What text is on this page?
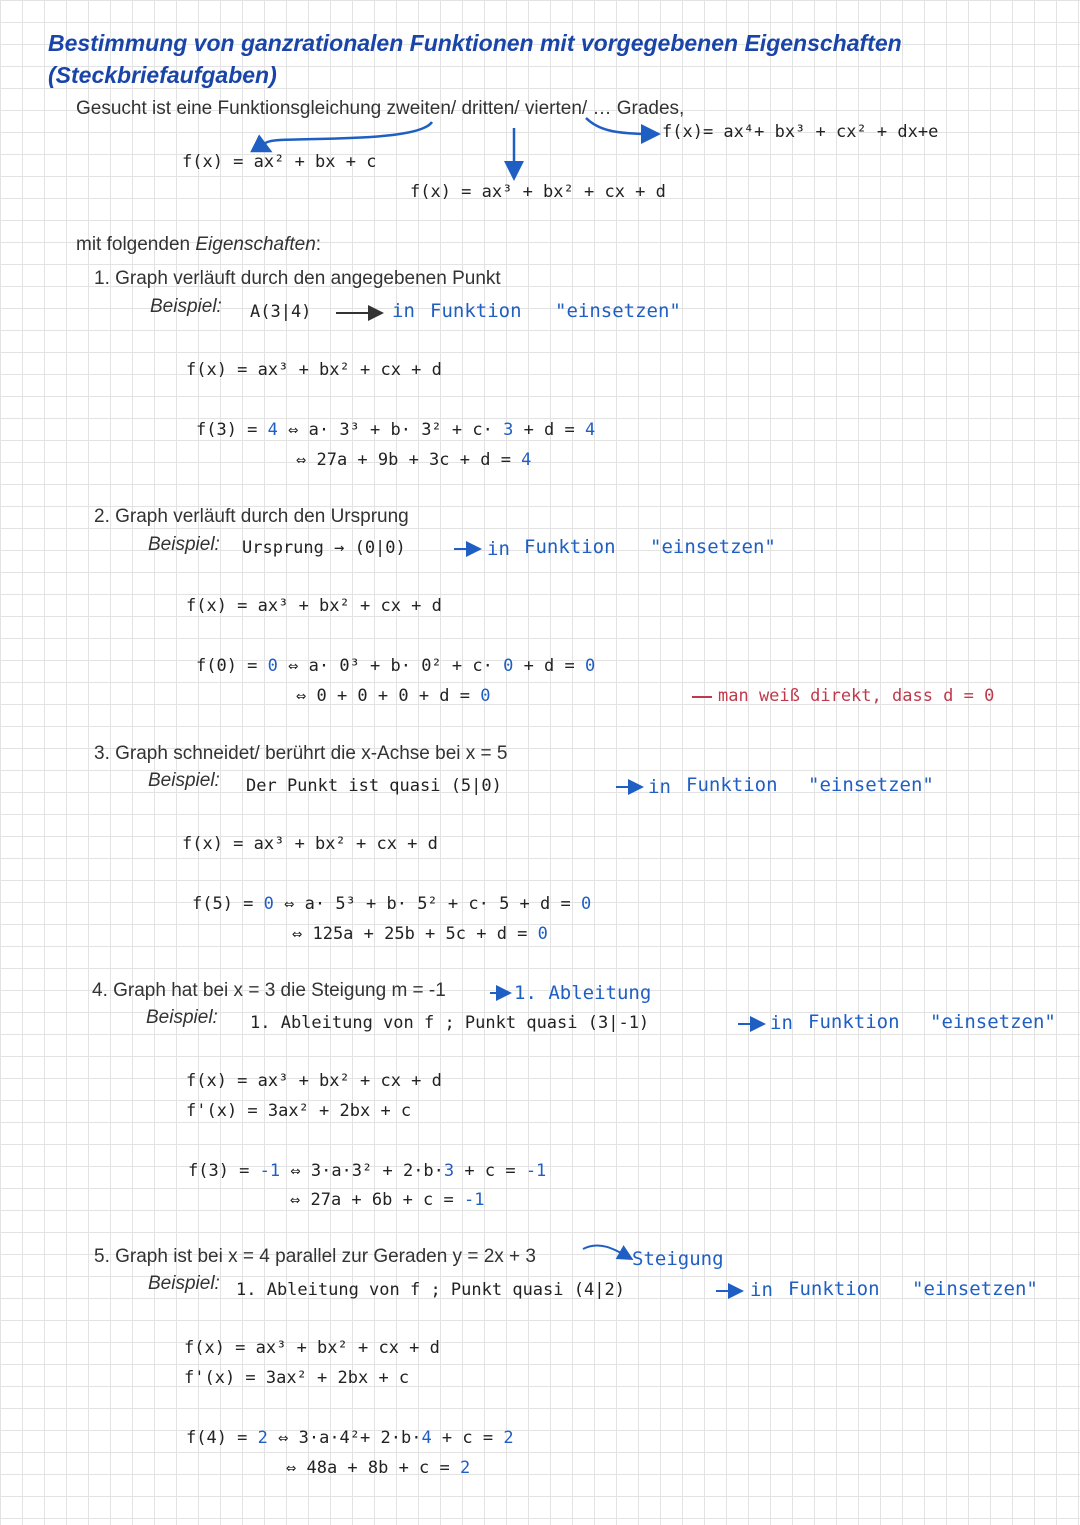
Bestimmung von ganzrationalen Funktionen mit vorgegebenen Eigenschaften
(Steckbriefaufgaben)
Gesucht ist eine Funktionsgleichung zweiten/ dritten/ vierten/ … Grades,
f(x)= ax⁴+ bx³ + cx² + dx+e
f(x) = ax² + bx + c
f(x) = ax³ + bx² + cx + d
mit folgenden Eigenschaften:
1. Graph verläuft durch den angegebenen Punkt
Beispiel: A(3|4)	in Funktion "einsetzen"
f(x) = ax³ + bx² + cx + d
f(3) = 4 ⇔ a· 3³ + b· 3² + c· 3 + d = 4
⇔ 27a + 9b + 3c + d = 4
2. Graph verläuft durch den Ursprung
Beispiel: Ursprung → (0|0)	in Funktion "einsetzen"
f(x) = ax³ + bx² + cx + d
f(0) = 0 ⇔ a· 0³ + b· 0² + c· 0 + d = 0
⇔ 0 + 0 + 0 + d = 0	man weiß direkt, dass d = 0
3. Graph schneidet/ berührt die x-Achse bei x = 5
Beispiel: Der Punkt ist quasi (5|0)	in Funktion "einsetzen"
f(x) = ax³ + bx² + cx + d
f(5) = 0 ⇔ a· 5³ + b· 5² + c· 5 + d = 0
⇔ 125a + 25b + 5c + d = 0
4. Graph hat bei x = 3 die Steigung m = -1	1. Ableitung
Beispiel: 1. Ableitung von f ; Punkt quasi (3|-1)	in Funktion "einsetzen"
f(x) = ax³ + bx² + cx + d
f'(x) = 3ax² + 2bx + c
f(3) = -1 ⇔ 3·a·3² + 2·b·3 + c = -1
⇔ 27a + 6b + c = -1
5. Graph ist bei x = 4 parallel zur Geraden y = 2x + 3	Steigung
Beispiel: 1. Ableitung von f ; Punkt quasi (4|2)	in Funktion "einsetzen"
f(x) = ax³ + bx² + cx + d
f'(x) = 3ax² + 2bx + c
f(4) = 2 ⇔ 3·a·4²+ 2·b·4 + c = 2
⇔ 48a + 8b + c = 2
